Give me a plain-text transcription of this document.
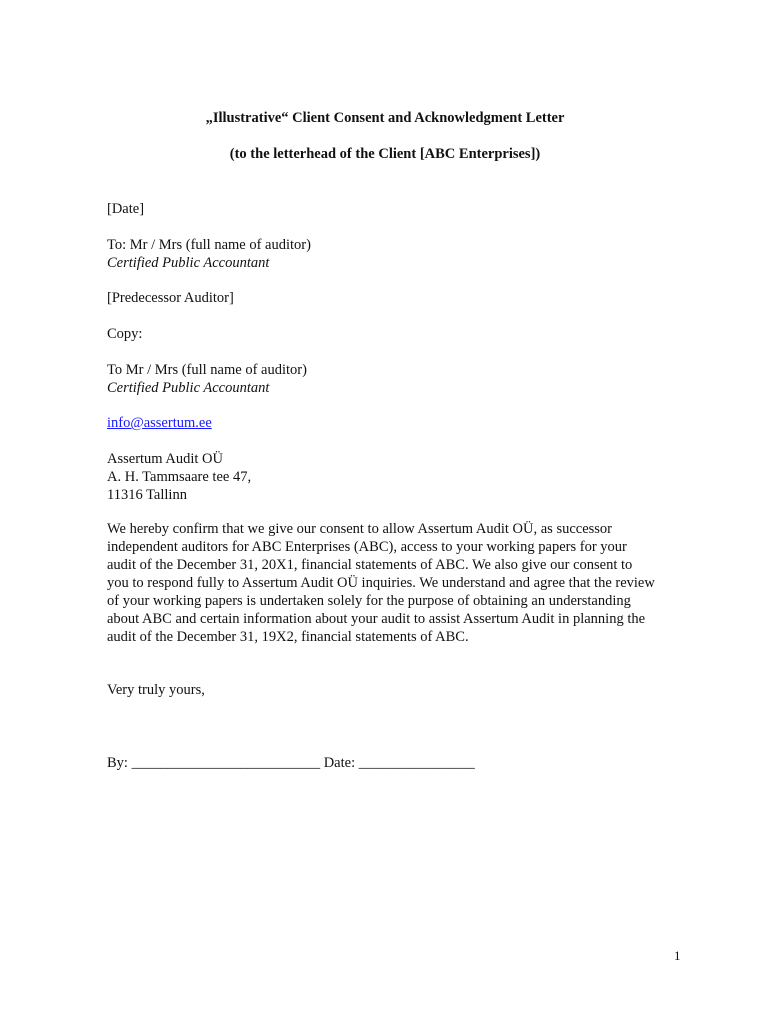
„Illustrative“ Client Consent and Acknowledgment Letter
(to the letterhead of the Client [ABC Enterprises])
[Date]
To: Mr / Mrs (full name of auditor)
Certified Public Accountant
[Predecessor Auditor]
Copy:
To Mr / Mrs (full name of auditor)
Certified Public Accountant
info@assertum.ee
Assertum Audit OÜ
A. H. Tammsaare tee 47,
11316 Tallinn
We hereby confirm that we give our consent to allow Assertum Audit OÜ, as successor
independent auditors for ABC Enterprises (ABC), access to your working papers for your
audit of the December 31, 20X1, financial statements of ABC. We also give our consent to
you to respond fully to Assertum Audit OÜ inquiries. We understand and agree that the review
of your working papers is undertaken solely for the purpose of obtaining an understanding
about ABC and certain information about your audit to assist Assertum Audit in planning the
audit of the December 31, 19X2, financial statements of ABC.
Very truly yours,
By: __________________________ Date: ________________
1
